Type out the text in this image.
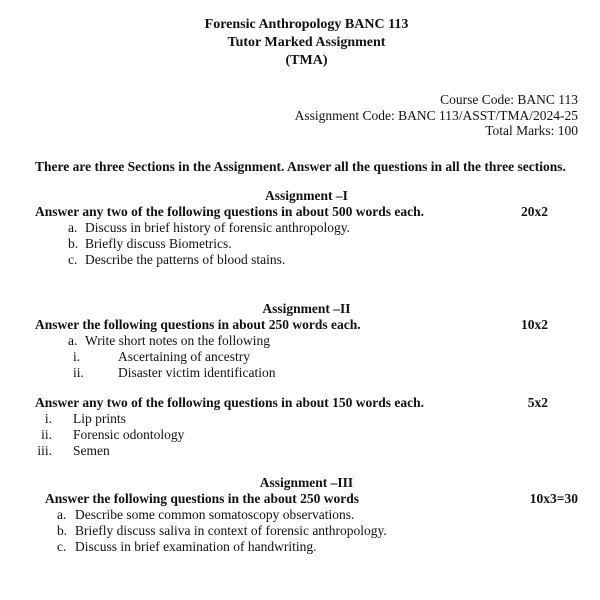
Forensic Anthropology BANC 113
Tutor Marked Assignment
(TMA)
Course Code: BANC 113
Assignment Code: BANC 113/ASST/TMA/2024-25
Total Marks: 100
There are three Sections in the Assignment. Answer all the questions in all the three sections.
Assignment –I
Answer any two of the following questions in about 500 words each.	20x2
a. Discuss in brief history of forensic anthropology.
b. Briefly discuss Biometrics.
c. Describe the patterns of blood stains.
Assignment –II
Answer the following questions in about 250 words each.	10x2
a. Write short notes on the following
i.	Ascertaining of ancestry
ii.	Disaster victim identification
Answer any two of the following questions in about 150 words each.	5x2
i. Lip prints
ii. Forensic odontology
iii. Semen
Assignment –III
Answer the following questions in the about 250 words	10x3=30
a. Describe some common somatoscopy observations.
b. Briefly discuss saliva in context of forensic anthropology.
c. Discuss in brief examination of handwriting.
